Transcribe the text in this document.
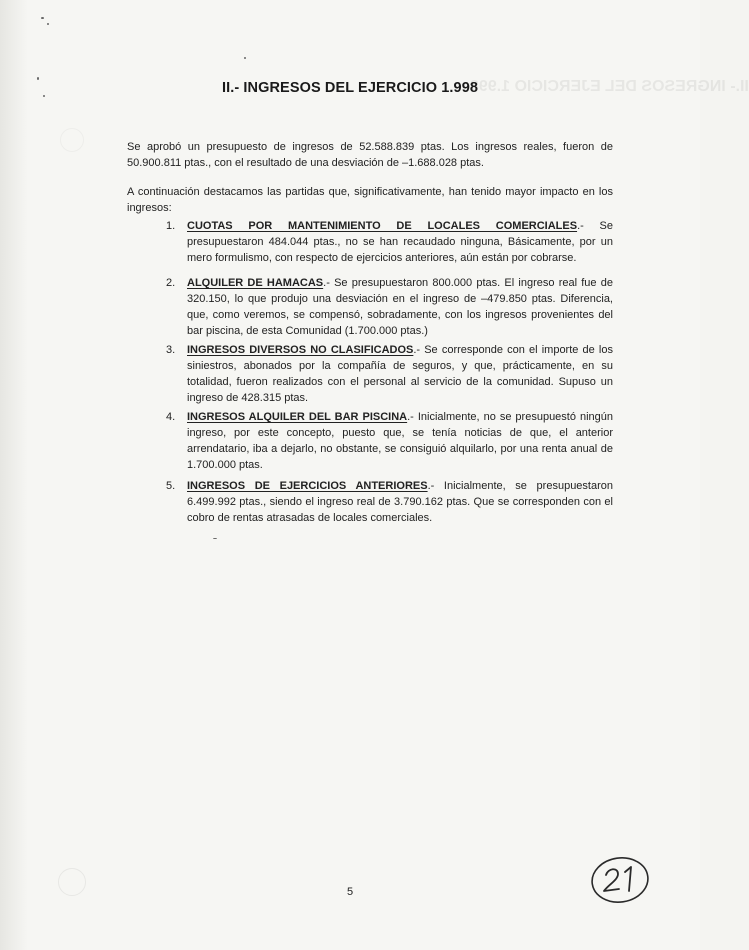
II.- INGRESOS DEL EJERCICIO 1.998
II.- INGRESOS DEL EJERCICIO 1.998

Se aprobó un presupuesto de ingresos de 52.588.839 ptas. Los ingresos reales, fueron de 50.900.811 ptas., con el resultado de una desviación de –1.688.028 ptas.

A continuación destacamos las partidas que, significativamente, han tenido mayor impacto en los ingresos:

1.	CUOTAS POR MANTENIMIENTO DE LOCALES COMERCIALES.- Se presupuestaron 484.044 ptas., no se han recaudado ninguna, Básicamente, por un mero formulismo, con respecto de ejercicios anteriores, aún están por cobrarse.
2.	ALQUILER DE HAMACAS.- Se presupuestaron 800.000 ptas. El ingreso real fue de 320.150, lo que produjo una desviación en el ingreso de –479.850 ptas. Diferencia, que, como veremos, se compensó, sobradamente, con los ingresos provenientes del bar piscina, de esta Comunidad (1.700.000 ptas.)
3.	INGRESOS DIVERSOS NO CLASIFICADOS.- Se corresponde con el importe de los siniestros, abonados por la compañía de seguros, y que, prácticamente, en su totalidad, fueron realizados con el personal al servicio de la comunidad. Supuso un ingreso de 428.315 ptas.
4.	INGRESOS ALQUILER DEL BAR PISCINA.- Inicialmente, no se presupuestó ningún ingreso, por este concepto, puesto que, se tenía noticias de que, el anterior arrendatario, iba a dejarlo, no obstante, se consiguió alquilarlo, por una renta anual de 1.700.000 ptas.
5.	INGRESOS DE EJERCICIOS ANTERIORES.- Inicialmente, se presupuestaron 6.499.992 ptas., siendo el ingreso real de 3.790.162 ptas. Que se corresponden con el cobro de rentas atrasadas de locales comerciales.
5
